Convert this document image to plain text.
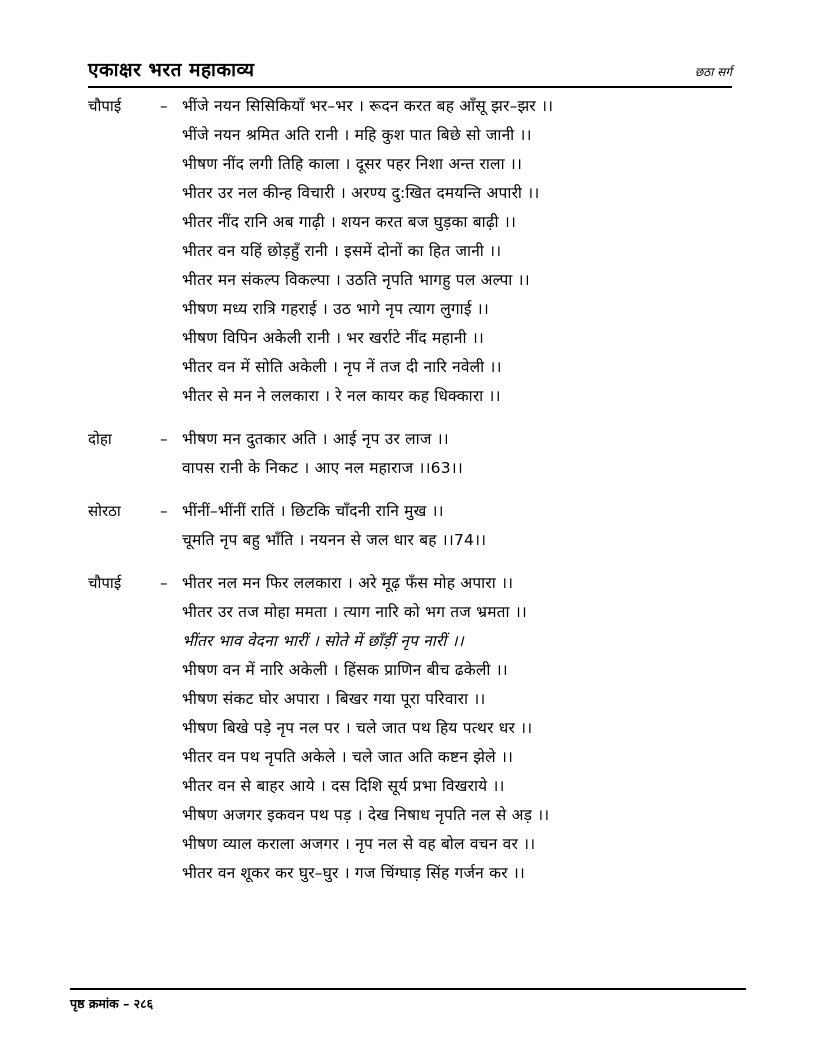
एकाक्षर भरत महाकाव्य	छठा सर्ग
चौपाई	– भींजे नयन सिसिकियाँ भर–भर । रूदन करत बह आँसू झर–झर ।।
भींजे नयन श्रमित अति रानी । महि कुश पात बिछे सो जानी ।।
भीषण नींद लगी तिहि काला । दूसर पहर निशा अन्त राला ।।
भीतर उर नल कीन्ह विचारी । अरण्य दु:खित दमयन्ति अपारी ।।
भीतर नींद रानि अब गाढ़ी । शयन करत बज घुड़का बाढ़ी ।।
भीतर वन यहिं छोड़हुँ रानी । इसमें दोनों का हित जानी ।।
भीतर मन संकल्प विकल्पा । उठति नृपति भागहु पल अल्पा ।।
भीषण मध्य रात्रि गहराई । उठ भागे नृप त्याग लुगाई ।।
भीषण विपिन अकेली रानी । भर खर्राटे नींद महानी ।।
भीतर वन में सोति अकेली । नृप नें तज दी नारि नवेली ।।
भीतर से मन ने ललकारा । रे नल कायर कह धिक्कारा ।।
दोहा	– भीषण मन दुतकार अति । आई नृप उर लाज ।।
वापस रानी के निकट । आए नल महाराज ।।63।।
सोरठा	– भींनीं–भींनीं रातिं । छिटकि चाँदनी रानि मुख ।।
चूमति नृप बहु भाँति । नयनन से जल धार बह ।।74।।
चौपाई	– भीतर नल मन फिर ललकारा । अरे मूढ़ फँस मोह अपारा ।।
भीतर उर तज मोहा ममता । त्याग नारि को भग तज भ्रमता ।।
भींतर भाव वेदना भारीं । सोते में छाँड़ीं नृप नारीं ।।
भीषण वन में नारि अकेली । हिंसक प्राणिन बीच ढकेली ।।
भीषण संकट घोर अपारा । बिखर गया पूरा परिवारा ।।
भीषण बिखे पड़े नृप नल पर । चले जात पथ हिय पत्थर धर ।।
भीतर वन पथ नृपति अकेले । चले जात अति कष्टन झेले ।।
भीतर वन से बाहर आये । दस दिशि सूर्य प्रभा विखराये ।।
भीषण अजगर इकवन पथ पड़ । देख निषाध नृपति नल से अड़ ।।
भीषण व्याल कराला अजगर । नृप नल से वह बोल वचन वर ।।
भीतर वन शूकर कर घुर–घुर । गज चिंग्घाड़ सिंह गर्जन कर ।।
पृष्ठ क्रमांक – २८६
